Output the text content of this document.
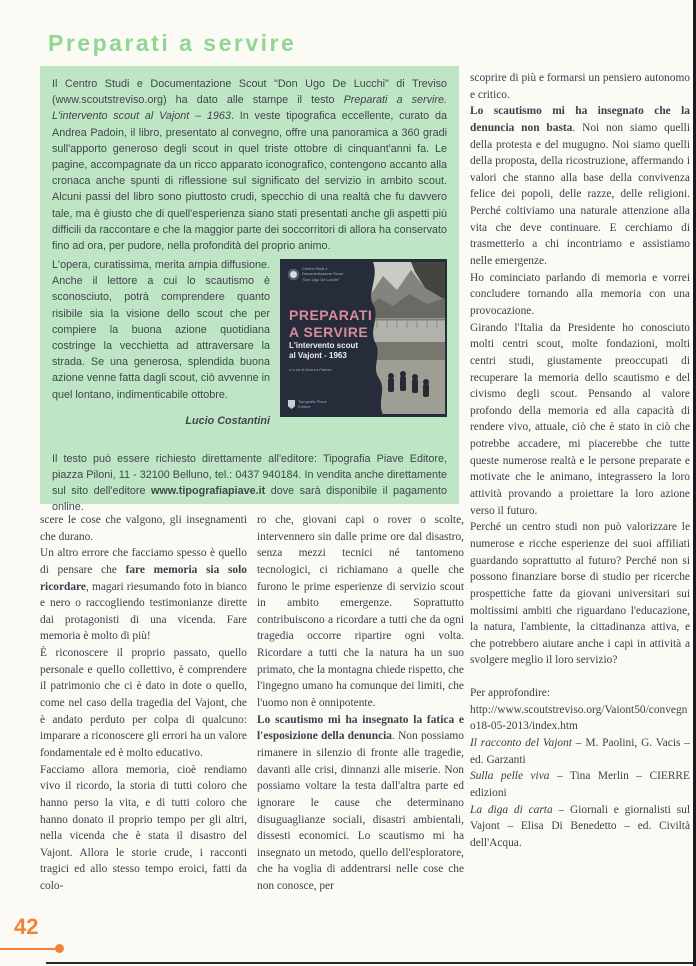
Preparati a servire

Il Centro Studi e Documentazione Scout "Don Ugo De Lucchi" di Treviso (www.scoutstreviso.org) ha dato alle stampe il testo Preparati a servire. L'intervento scout al Vajont – 1963. In veste tipografica eccellente, curato da Andrea Padoin, il libro, presentato al convegno, offre una panoramica a 360 gradi sull'apporto generoso degli scout in quel triste ottobre di cinquant'anni fa. Le pagine, accompagnate da un ricco apparato iconografico, contengono accanto alla cronaca anche spunti di riflessione sul significato del servizio in ambito scout. Alcuni passi del libro sono piuttosto crudi, specchio di una realtà che fu davvero tale, ma è giusto che di quell'esperienza siano stati presentati anche gli aspetti più difficili da raccontare e che la maggior parte dei soccorritori di allora ha conservato fino ad ora, per pudore, nella profondità del proprio animo.

L'opera, curatissima, merita ampia diffusione. Anche il lettore a cui lo scautismo è sconosciuto, potrà comprendere quanto risibile sia la visione dello scout che per compiere la buona azione quotidiana costringe la vecchietta ad attraversare la strada. Se una generosa, splendida buona azione venne fatta dagli scout, ciò avvenne in quel lontano, indimenticabile ottobre.

Lucio Costantini

Centro Studi e
Documentazione Scout
"Don Ugo De Lucchi"
PREPARATI
A SERVIRE
L'intervento scout
al Vajont - 1963
a cura di Andrea Padoin
Tipografia Piave
Editore

Il testo può essere richiesto direttamente all'editore: Tipografia Piave Editore, piazza Piloni, 11 - 32100 Belluno, tel.: 0437 940184. In vendita anche direttamente sul sito dell'editore www.tipografiapiave.it dove sarà disponibile il pagamento online.

scere le cose che valgono, gli insegnamenti che durano.

Un altro errore che facciamo spesso è quello di pensare che fare memoria sia solo ricordare, magari riesumando foto in bianco e nero o raccogliendo testimonianze dirette dai protagonisti di una vicenda. Fare memoria è molto di più!

È riconoscere il proprio passato, quello personale e quello collettivo, è comprendere il patrimonio che ci è dato in dote o quello, come nel caso della tragedia del Vajont, che è andato perduto per colpa di qualcuno: imparare a riconoscere gli errori ha un valore fondamentale ed è molto educativo.

Facciamo allora memoria, cioè rendiamo vivo il ricordo, la storia di tutti coloro che hanno perso la vita, e di tutti coloro che hanno donato il proprio tempo per gli altri, nella vicenda che è stata il disastro del Vajont. Allora le storie crude, i racconti tragici ed allo stesso tempo eroici, fatti da colo-

ro che, giovani capi o rover o scolte, intervennero sin dalle prime ore dal disastro, senza mezzi tecnici né tantomeno tecnologici, ci richiamano a quelle che furono le prime esperienze di servizio scout in ambito emergenze. Soprattutto contribuiscono a ricordare a tutti che da ogni tragedia occorre ripartire ogni volta. Ricordare a tutti che la natura ha un suo primato, che la montagna chiede rispetto, che l'ingegno umano ha comunque dei limiti, che l'uomo non è onnipotente.

Lo scautismo mi ha insegnato la fatica e l'esposizione della denuncia. Non possiamo rimanere in silenzio di fronte alle tragedie, davanti alle crisi, dinnanzi alle miserie. Non possiamo voltare la testa dall'altra parte ed ignorare le cause che determinano disuguaglianze sociali, disastri ambientali, dissesti economici. Lo scautismo mi ha insegnato un metodo, quello dell'esploratore, che ha voglia di addentrarsi nelle cose che non conosce, per

scoprire di più e formarsi un pensiero autonomo e critico.

Lo scautismo mi ha insegnato che la denuncia non basta. Noi non siamo quelli della protesta e del mugugno. Noi siamo quelli della proposta, della ricostruzione, affermando i valori che stanno alla base della convivenza felice dei popoli, delle razze, delle religioni. Perché coltiviamo una naturale attenzione alla vita che deve continuare. E cerchiamo di trasmetterlo a chi incontriamo e assistiamo nelle emergenze.

Ho cominciato parlando di memoria e vorrei concludere tornando alla memoria con una provocazione.

Girando l'Italia da Presidente ho conosciuto molti centri scout, molte fondazioni, molti centri studi, giustamente preoccupati di recuperare la memoria dello scautismo e del civismo degli scout. Pensando al valore profondo della memoria ed alla capacità di rendere vivo, attuale, ciò che è stato in ciò che potrebbe accadere, mi piacerebbe che tutte queste numerose realtà e le persone preparate e motivate che le animano, integrassero la loro attività provando a proiettare la loro azione verso il futuro.

Perché un centro studi non può valorizzare le numerose e ricche esperienze dei suoi affiliati guardando soprattutto al futuro? Perché non si possono finanziare borse di studio per ricerche prospettiche fatte da giovani universitari sui moltissimi ambiti che riguardano l'educazione, la natura, l'ambiente, la cittadinanza attiva, e che potrebbero aiutare anche i capi in attività a svolgere meglio il loro servizio?

Per approfondire:

http://www.scoutstreviso.org/Vaiont50/convegno18-05-2013/index.htm

Il racconto del Vajont – M. Paolini, G. Vacis – ed. Garzanti

Sulla pelle viva – Tina Merlin – CIERRE edizioni

La diga di carta – Giornali e giornalisti sul Vajont – Elisa Di Benedetto – ed. Civiltà dell'Acqua.

42
